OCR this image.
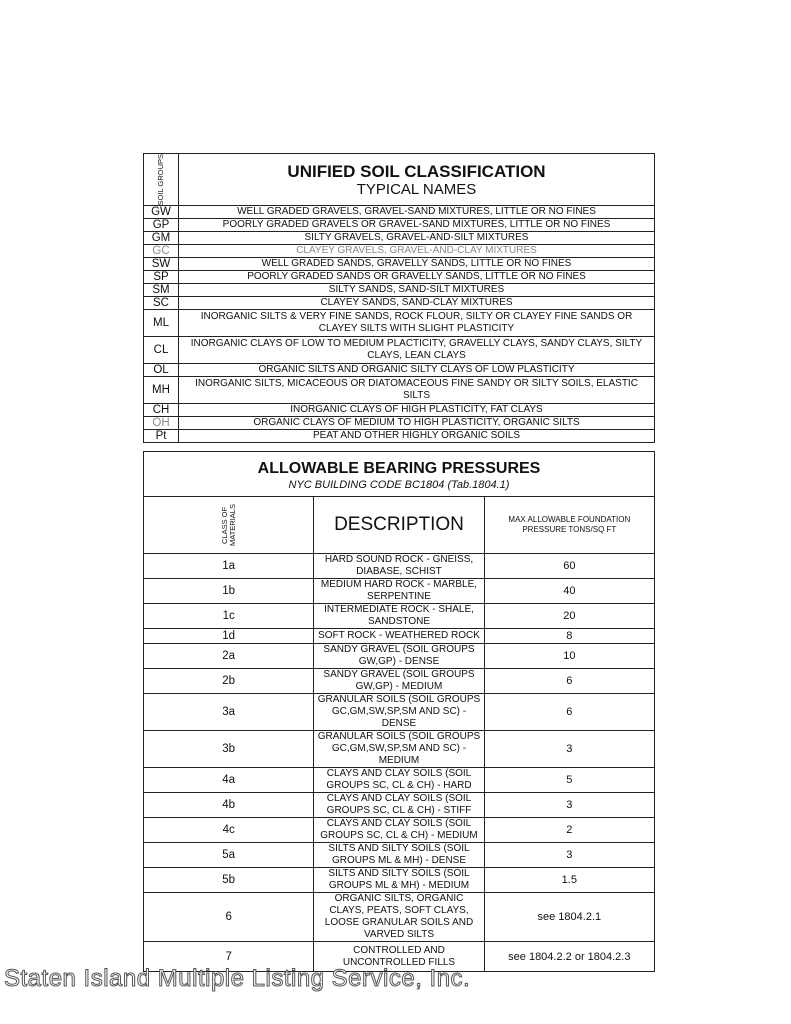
SOIL GROUPS	UNIFIED SOIL CLASSIFICATION
TYPICAL NAMES

GW	WELL GRADED GRAVELS, GRAVEL-SAND MIXTURES, LITTLE OR NO FINES
GP	POORLY GRADED GRAVELS OR GRAVEL-SAND MIXTURES, LITTLE OR NO FINES
GM	SILTY GRAVELS, GRAVEL-AND-SILT MIXTURES
GC	CLAYEY GRAVELS, GRAVEL-AND-CLAY MIXTURES
SW	WELL GRADED SANDS, GRAVELLY SANDS, LITTLE OR NO FINES
SP	POORLY GRADED SANDS OR GRAVELLY SANDS, LITTLE OR NO FINES
SM	SILTY SANDS, SAND-SILT MIXTURES
SC	CLAYEY SANDS, SAND-CLAY MIXTURES
ML	INORGANIC SILTS & VERY FINE SANDS, ROCK FLOUR, SILTY OR CLAYEY FINE SANDS OR CLAYEY SILTS WITH SLIGHT PLASTICITY
CL	INORGANIC CLAYS OF LOW TO MEDIUM PLACTICITY, GRAVELLY CLAYS, SANDY CLAYS, SILTY CLAYS, LEAN CLAYS
OL	ORGANIC SILTS AND ORGANIC SILTY CLAYS OF LOW PLASTICITY
MH	INORGANIC SILTS, MICACEOUS OR DIATOMACEOUS FINE SANDY OR SILTY SOILS, ELASTIC SILTS
CH	INORGANIC CLAYS OF HIGH PLASTICITY, FAT CLAYS
OH	ORGANIC CLAYS OF MEDIUM TO HIGH PLASTICITY, ORGANIC SILTS
Pt	PEAT AND OTHER HIGHLY ORGANIC SOILS
ALLOWABLE BEARING PRESSURES
NYC BUILDING CODE BC1804 (Tab.1804.1)		

CLASS OF MATERIALS	DESCRIPTION	MAX ALLOWABLE FOUNDATION PRESSURE TONS/SQ FT
1a	HARD SOUND ROCK - GNEISS, DIABASE, SCHIST	60
1b	MEDIUM HARD ROCK - MARBLE, SERPENTINE	40
1c	INTERMEDIATE ROCK - SHALE, SANDSTONE	20
1d	SOFT ROCK - WEATHERED ROCK	8
2a	SANDY GRAVEL (SOIL GROUPS GW,GP) - DENSE	10
2b	SANDY GRAVEL (SOIL GROUPS GW,GP) - MEDIUM	6
3a	GRANULAR SOILS (SOIL GROUPS GC,GM,SW,SP,SM AND SC) - DENSE	6
3b	GRANULAR SOILS (SOIL GROUPS GC,GM,SW,SP,SM AND SC) - MEDIUM	3
4a	CLAYS AND CLAY SOILS (SOIL GROUPS SC, CL & CH) - HARD	5
4b	CLAYS AND CLAY SOILS (SOIL GROUPS SC, CL & CH) - STIFF	3
4c	CLAYS AND CLAY SOILS (SOIL GROUPS SC, CL & CH) - MEDIUM	2
5a	SILTS AND SILTY SOILS (SOIL GROUPS ML & MH) - DENSE	3
5b	SILTS AND SILTY SOILS (SOIL GROUPS ML & MH) - MEDIUM	1.5
6	ORGANIC SILTS, ORGANIC CLAYS, PEATS, SOFT CLAYS, LOOSE GRANULAR SOILS AND VARVED SILTS	see 1804.2.1
7	CONTROLLED AND UNCONTROLLED FILLS	see 1804.2.2 or 1804.2.3
Staten Island Multiple Listing Service, Inc.
